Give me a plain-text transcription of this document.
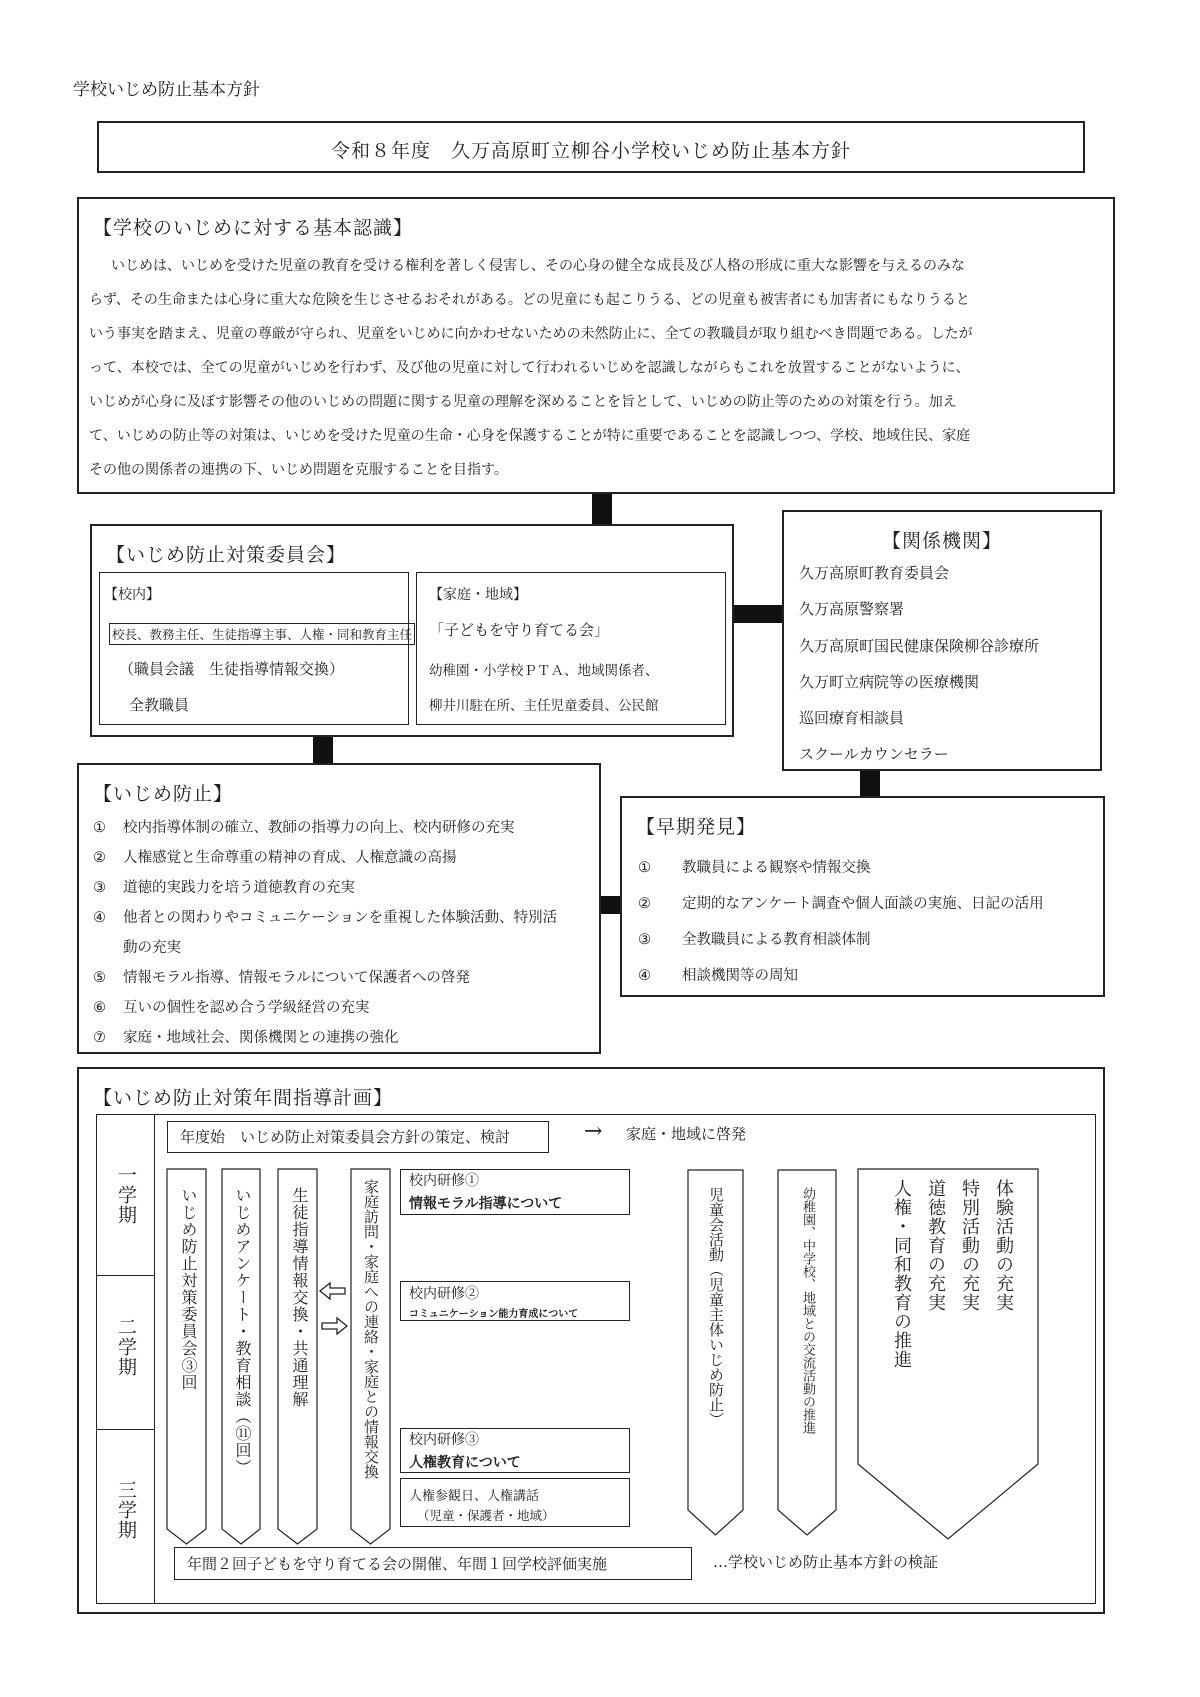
学校いじめ防止基本方針
令和８年度　久万高原町立柳谷小学校いじめ防止基本方針
【学校のいじめに対する基本認識】
いじめは、いじめを受けた児童の教育を受ける権利を著しく侵害し、その心身の健全な成長及び人格の形成に重大な影響を与えるのみな
らず、その生命または心身に重大な危険を生じさせるおそれがある。どの児童にも起こりうる、どの児童も被害者にも加害者にもなりうると
いう事実を踏まえ、児童の尊厳が守られ、児童をいじめに向かわせないための未然防止に、全ての教職員が取り組むべき問題である。したが
って、本校では、全ての児童がいじめを行わず、及び他の児童に対して行われるいじめを認識しながらもこれを放置することがないように、
いじめが心身に及ぼす影響その他のいじめの問題に関する児童の理解を深めることを旨として、いじめの防止等のための対策を行う。加え
て、いじめの防止等の対策は、いじめを受けた児童の生命・心身を保護することが特に重要であることを認識しつつ、学校、地域住民、家庭
その他の関係者の連携の下、いじめ問題を克服することを目指す。
【いじめ防止対策委員会】
【校内】
校長、教務主任、生徒指導主事、人権・同和教育主任
（職員会議　生徒指導情報交換）
全教職員
【家庭・地域】
「子どもを守り育てる会」
幼稚園・小学校ＰＴＡ、地域関係者、
柳井川駐在所、主任児童委員、公民館
【関係機関】
久万高原町教育委員会
久万高原警察署
久万高原町国民健康保険柳谷診療所
久万町立病院等の医療機関
巡回療育相談員
スクールカウンセラー
【いじめ防止】
① 校内指導体制の確立、教師の指導力の向上、校内研修の充実
② 人権感覚と生命尊重の精神の育成、人権意識の高揚
③ 道徳的実践力を培う道徳教育の充実
④ 他者との関わりやコミュニケーションを重視した体験活動、特別活
動の充実
⑤ 情報モラル指導、情報モラルについて保護者への啓発
⑥ 互いの個性を認め合う学級経営の充実
⑦ 家庭・地域社会、関係機関との連携の強化
【早期発見】
① 教職員による観察や情報交換
② 定期的なアンケート調査や個人面談の実施、日記の活用
③ 全教職員による教育相談体制
④ 相談機関等の周知
【いじめ防止対策年間指導計画】
一学期
二学期
三学期
年度始　いじめ防止対策委員会方針の策定、検討	→ 家庭・地域に啓発
いじめ防止対策委員会③回 いじめアンケート・教育相談（⑪回） 生徒指導情報交換・共通理解	家庭訪問・家庭への連絡・家庭との情報交換 校内研修①
情報モラル指導について
校内研修②
コミュニケーション能力育成について
校内研修③
人権教育について
人権参観日、人権講話
（児童・保護者・地域）
児童会活動（児童主体いじめ防止）	幼稚園、中学校、地域との交流活動の推進	体験活動の充実
特別活動の充実
道徳教育の充実
人権・同和教育の推進
年間２回子どもを守り育てる会の開催、年間１回学校評価実施	…学校いじめ防止基本方針の検証
